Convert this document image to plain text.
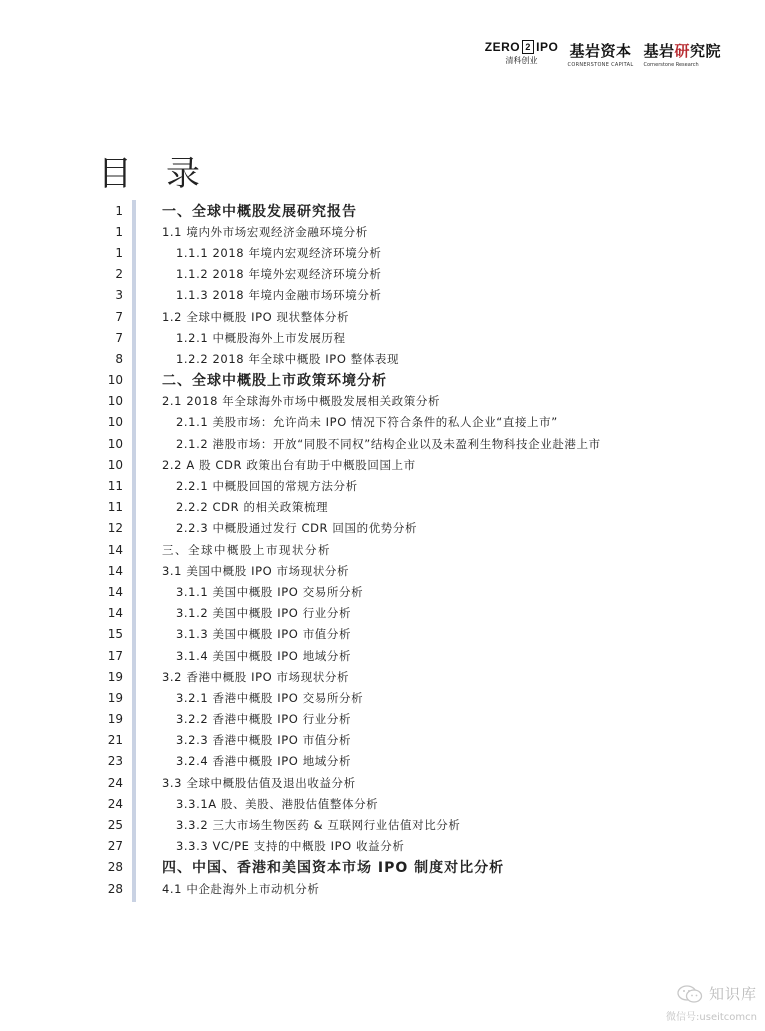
ZERO 2 IPO
清科创业
基岩资本
CORNERSTONE CAPITAL
基岩研究院
Cornerstone Research
目录
1	一、全球中概股发展研究报告
1	1.1 境内外市场宏观经济金融环境分析
1	1.1.1 2018 年境内宏观经济环境分析
2	1.1.2 2018 年境外宏观经济环境分析
3	1.1.3 2018 年境内金融市场环境分析
7	1.2 全球中概股 IPO 现状整体分析
7	1.2.1 中概股海外上市发展历程
8	1.2.2 2018 年全球中概股 IPO 整体表现
10	二、全球中概股上市政策环境分析
10	2.1 2018 年全球海外市场中概股发展相关政策分析
10	2.1.1 美股市场：允许尚未 IPO 情况下符合条件的私人企业“直接上市”
10	2.1.2 港股市场：开放“同股不同权”结构企业以及未盈利生物科技企业赴港上市
10	2.2 A 股 CDR 政策出台有助于中概股回国上市
11	2.2.1 中概股回国的常规方法分析
11	2.2.2 CDR 的相关政策梳理
12	2.2.3 中概股通过发行 CDR 回国的优势分析
14	三、全球中概股上市现状分析
14	3.1 美国中概股 IPO 市场现状分析
14	3.1.1 美国中概股 IPO 交易所分析
14	3.1.2 美国中概股 IPO 行业分析
15	3.1.3 美国中概股 IPO 市值分析
17	3.1.4 美国中概股 IPO 地域分析
19	3.2 香港中概股 IPO 市场现状分析
19	3.2.1 香港中概股 IPO 交易所分析
19	3.2.2 香港中概股 IPO 行业分析
21	3.2.3 香港中概股 IPO 市值分析
23	3.2.4 香港中概股 IPO 地域分析
24	3.3 全球中概股估值及退出收益分析
24	3.3.1A 股、美股、港股估值整体分析
25	3.3.2 三大市场生物医药 & 互联网行业估值对比分析
27	3.3.3 VC/PE 支持的中概股 IPO 收益分析
28	四、中国、香港和美国资本市场 IPO 制度对比分析
28	4.1 中企赴海外上市动机分析
知识库
微信号:useitcomcn
